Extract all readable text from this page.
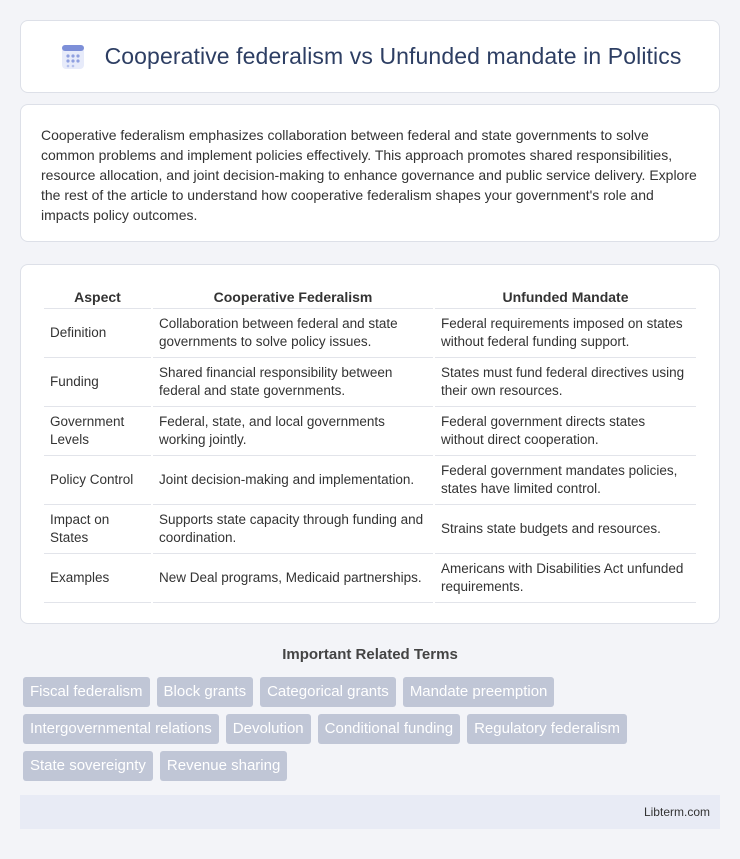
Cooperative federalism vs Unfunded mandate in Politics

Cooperative federalism emphasizes collaboration between federal and state governments to solve common problems and implement policies effectively. This approach promotes shared responsibilities, resource allocation, and joint decision-making to enhance governance and public service delivery. Explore the rest of the article to understand how cooperative federalism shapes your government's role and impacts policy outcomes.

Aspect	Cooperative Federalism	Unfunded Mandate
Definition	Collaboration between federal and state governments to solve policy issues.	Federal requirements imposed on states without federal funding support.
Funding	Shared financial responsibility between federal and state governments.	States must fund federal directives using their own resources.
Government Levels	Federal, state, and local governments working jointly.	Federal government directs states without direct cooperation.
Policy Control	Joint decision-making and implementation.	Federal government mandates policies, states have limited control.
Impact on States	Supports state capacity through funding and coordination.	Strains state budgets and resources.
Examples	New Deal programs, Medicaid partnerships.	Americans with Disabilities Act unfunded requirements.
Important Related Terms
Fiscal federalism	Block grants	Categorical grants	Mandate preemption
Intergovernmental relations	Devolution	Conditional funding	Regulatory federalism
State sovereignty	Revenue sharing
Libterm.com
